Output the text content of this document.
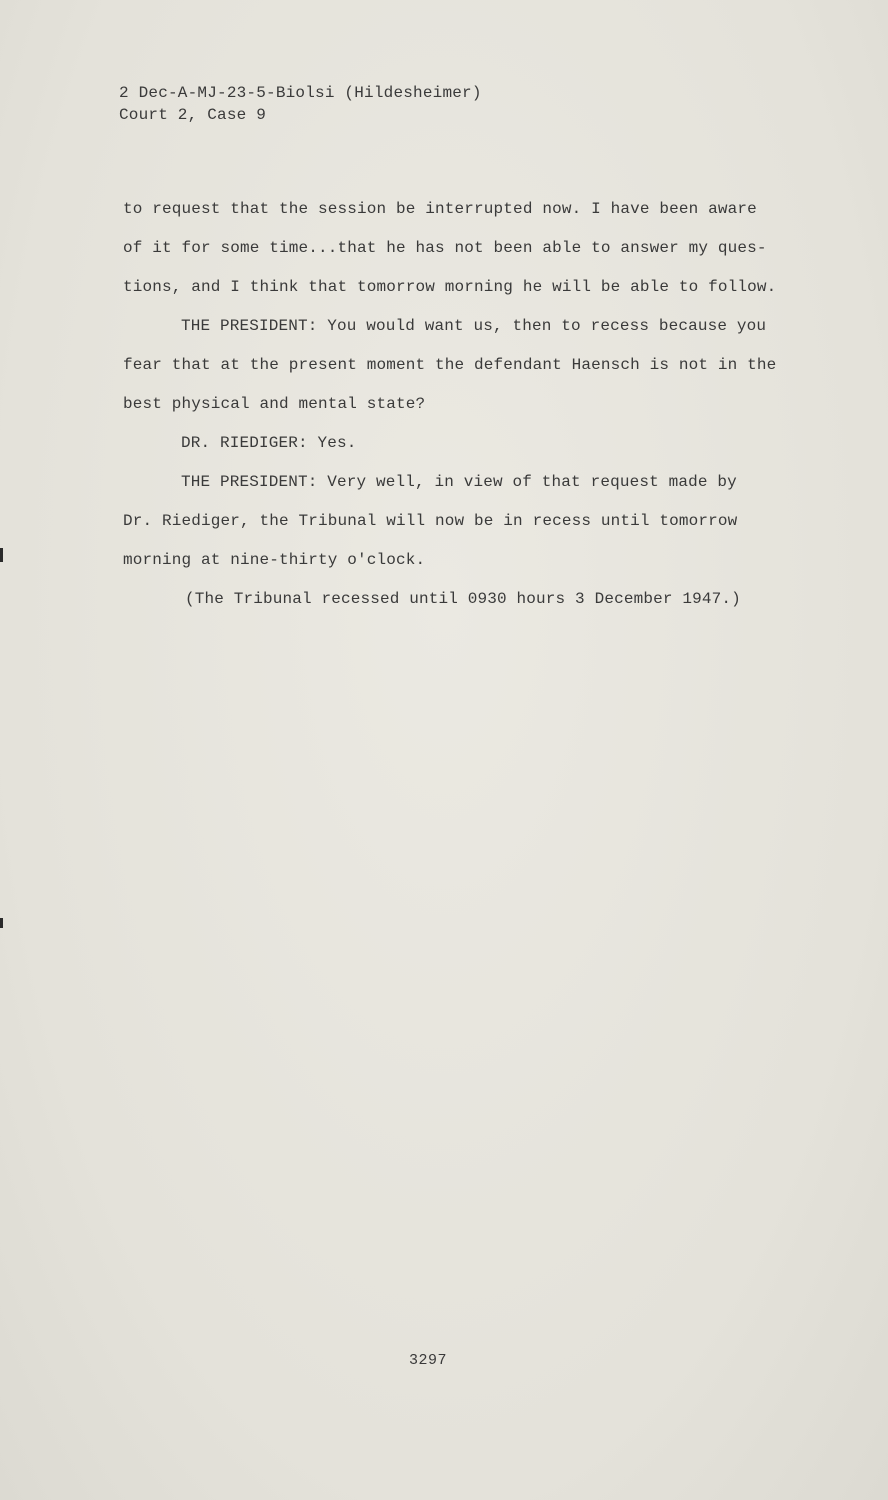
2 Dec-A-MJ-23-5-Biolsi (Hildesheimer)
Court 2, Case 9
to request that the session be interrupted now. I have been aware
of it for some time...that he has not been able to answer my ques-
tions, and I think that tomorrow morning he will be able to follow.
THE PRESIDENT: You would want us, then to recess because you
fear that at the present moment the defendant Haensch is not in the
best physical and mental state?
DR. RIEDIGER: Yes.
THE PRESIDENT: Very well, in view of that request made by
Dr. Riediger, the Tribunal will now be in recess until tomorrow
morning at nine-thirty o'clock.
(The Tribunal recessed until 0930 hours 3 December 1947.)
3297
